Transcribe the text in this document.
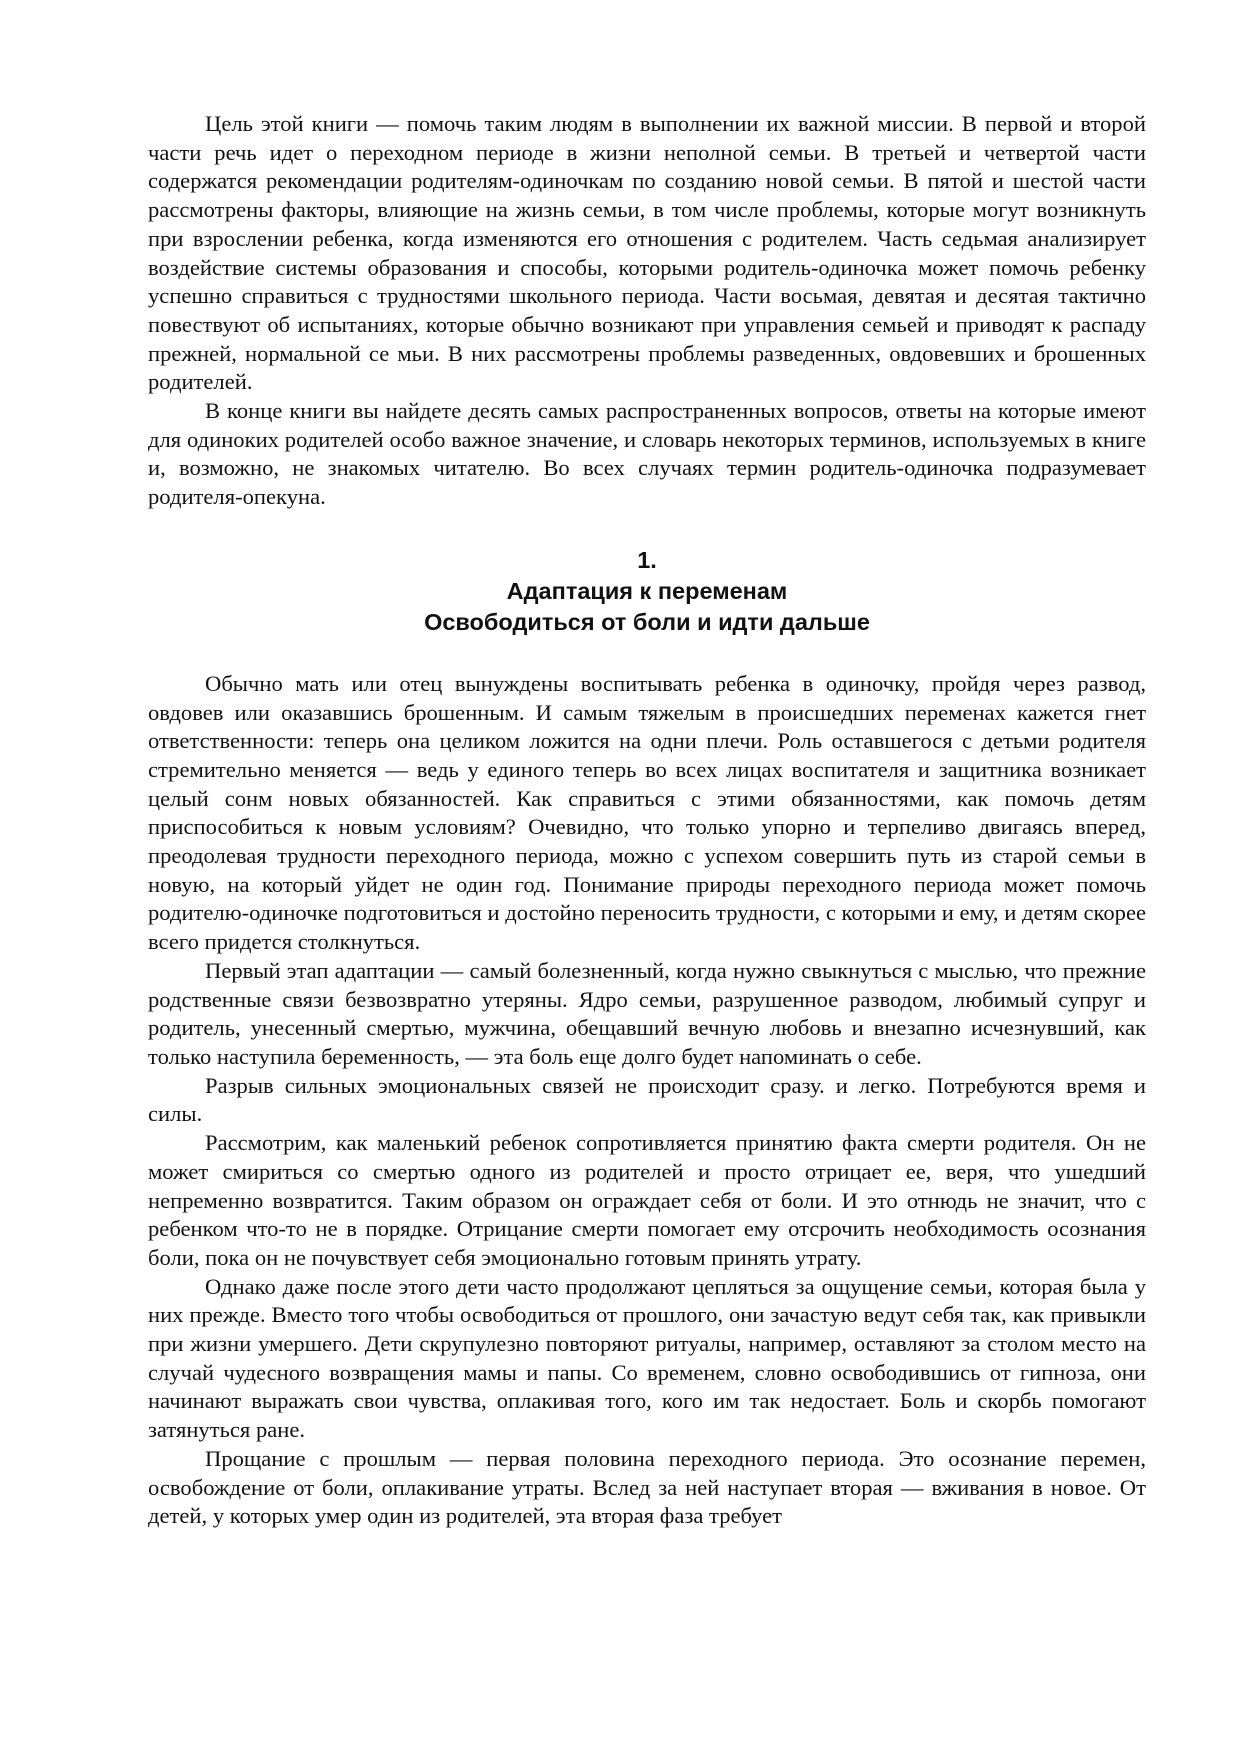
Цель этой книги — помочь таким людям в выполнении их важной миссии. В первой и второй части речь идет о переходном периоде в жизни неполной семьи. В третьей и четвертой части содержатся рекомендации родителям-одиночкам по созданию новой семьи. В пятой и шестой части рассмотрены факторы, влияющие на жизнь семьи, в том числе проблемы, которые могут возникнуть при взрослении ребенка, когда изменяются его отношения с родителем. Часть седьмая анализирует воздействие системы образования и способы, которыми родитель-одиночка может помочь ребенку успешно справиться с трудностями школьного периода. Части восьмая, девятая и десятая тактично повествуют об испытаниях, которые обычно возникают при управления семьей и приводят к распаду прежней, нормальной се мьи. В них рассмотрены проблемы разведенных, овдовевших и брошенных родителей.

В конце книги вы найдете десять самых распространенных вопросов, ответы на которые имеют для одиноких родителей особо важное значение, и словарь некоторых терминов, используемых в книге и, возможно, не знакомых читателю. Во всех случаях термин родитель-одиночка подразумевает родителя-опекуна.

1.
Адаптация к переменам
Освободиться от боли и идти дальше

Обычно мать или отец вынуждены воспитывать ребенка в одиночку, пройдя через развод, овдовев или оказавшись брошенным. И самым тяжелым в происшедших переменах кажется гнет ответственности: теперь она целиком ложится на одни плечи. Роль оставшегося с детьми родителя стремительно меняется — ведь у единого теперь во всех лицах воспитателя и защитника возникает целый сонм новых обязанностей. Как справиться с этими обязанностями, как помочь детям приспособиться к новым условиям? Очевидно, что только упорно и терпеливо двигаясь вперед, преодолевая трудности переходного периода, можно с успехом совершить путь из старой семьи в новую, на который уйдет не один год. Понимание природы переходного периода может помочь родителю-одиночке подготовиться и достойно переносить трудности, с которыми и ему, и детям скорее всего придется столкнуться.

Первый этап адаптации — самый болезненный, когда нужно свыкнуться с мыслью, что прежние родственные связи безвозвратно утеряны. Ядро семьи, разрушенное разводом, любимый супруг и родитель, унесенный смертью, мужчина, обещавший вечную любовь и внезапно исчезнувший, как только наступила беременность, — эта боль еще долго будет напоминать о себе.

Разрыв сильных эмоциональных связей не происходит сразу. и легко. Потребуются время и силы.

Рассмотрим, как маленький ребенок сопротивляется принятию факта смерти родителя. Он не может смириться со смертью одного из родителей и просто отрицает ее, веря, что ушедший непременно возвратится. Таким образом он ограждает себя от боли. И это отнюдь не значит, что с ребенком что-то не в порядке. Отрицание смерти помогает ему отсрочить необходимость осознания боли, пока он не почувствует себя эмоционально готовым принять утрату.

Однако даже после этого дети часто продолжают цепляться за ощущение семьи, которая была у них прежде. Вместо того чтобы освободиться от прошлого, они зачастую ведут себя так, как привыкли при жизни умершего. Дети скрупулезно повторяют ритуалы, например, оставляют за столом место на случай чудесного возвращения мамы и папы. Со временем, словно освободившись от гипноза, они начинают выражать свои чувства, оплакивая того, кого им так недостает. Боль и скорбь помогают затянуться ране.

Прощание с прошлым — первая половина переходного периода. Это осознание перемен, освобождение от боли, оплакивание утраты. Вслед за ней наступает вторая — вживания в новое. От детей, у которых умер один из родителей, эта вторая фаза требует
